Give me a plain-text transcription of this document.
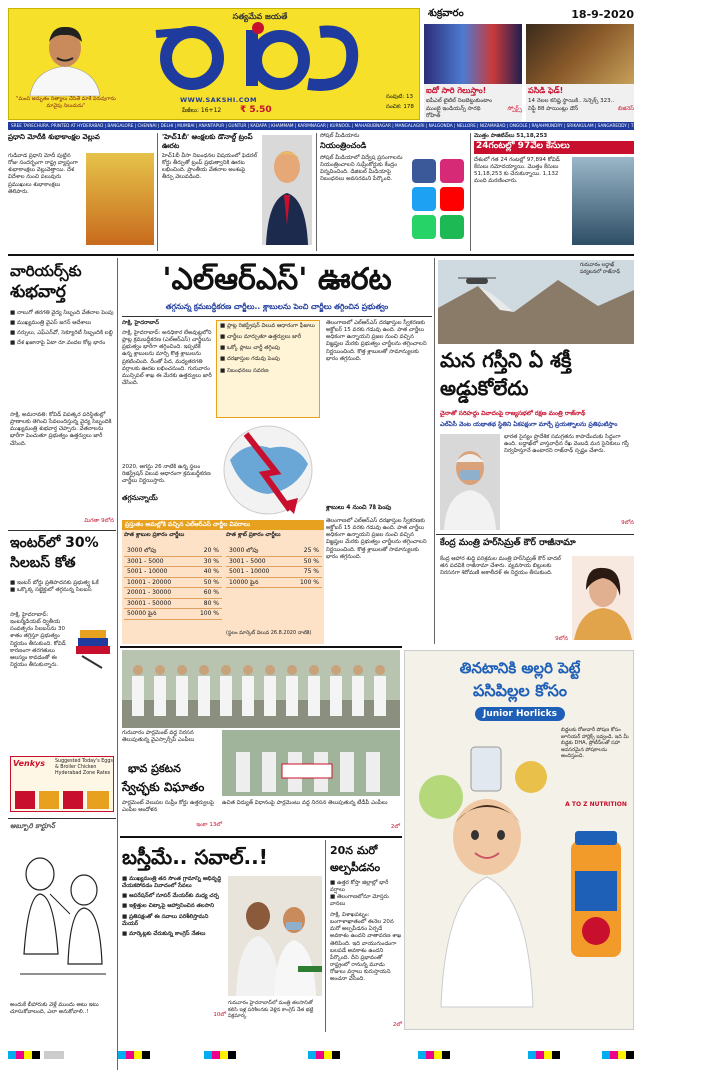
"మంచి అద్భుతం నిత్యాలు చేసితే మాకే విరువుగాను మావైపు నిలుచును"
సత్యమేవ జయతే
WWW.SAKSHI.COM
పేజీలు: 16+12	₹ 5.50
సంపుటి: 13
సంచిక: 178
శుక్రవారం	18-9-2020
ఐదో సారి గెలుస్తాం!
ఐపీఎల్ టైటిల్ నిలబెట్టుకుంటాం
ముంబై ఇండియన్స్ సారథి రోహిత్
స్పోర్ట్స్
పసిడి ఫెడ్!
14 నెలల కనిష్ట స్థాయికి.. సెన్సెక్స్ 323..
నిఫ్టీ 88 పాయింట్లు డౌన్	బిజినెస్
SREE TARECHURA. PRINTED AT HYDERABAD | BANGALORE | CHENNAI | DELHI | MUMBAI | ANANTAPUR | GUNTUR | KADAPA | KHAMMAM | KARIMNAGAR | KURNOOL | MAHABUBNAGAR | MANGALAGIRI | NALGONDA | NELLORE | NIZAMABAD | ONGOLE | RAJAHMUNDRY | SRIKAKULAM | SANGAREDDY | TIRUPATI | VIJAYAWADA | WARANGAL
ప్రధాని మోదీకి శుభాకాంక్షల వెల్లువ
గుడివాడ ప్రధాని మోదీ పుట్టిన రోజు సందర్భంగా రాష్ట్ర వ్యాప్తంగా శుభాకాంక్షలు వెల్లువెత్తాయి. దేశ విదేశాల నుంచి పలువురు ప్రముఖులు శుభాకాంక్షలు తెలిపారు.
'హెచ్1బీ' ఆంక్షలకు డొనాల్డ్ ట్రంప్ ఊరట
హెచ్1బీ వీసా నిబంధనల విషయంలో ఫెడరల్ కోర్టు తీర్పుతో ట్రంప్ ప్రభుత్వానికి ఊరట లభించింది. ప్రాంతీయ వేతనాల అంశంపై తీర్పు వెలువడింది.
సోషల్ మీడియాను
నియంత్రించండి
సోషల్ మీడియాలో విద్వేష ప్రసంగాలను నియంత్రించాలని సుప్రీంకోర్టుకు కేంద్రం విన్నవించింది. డిజిటల్ మీడియాపై నిబంధనలు అవసరమని పేర్కొంది.
మొత్తం పాజిటివ్‌లు 51,18,253
24గంటల్లో 97వేల కేసులు
దేశంలో గత 24 గంటల్లో 97,894 కోవిడ్ కేసులు నమోదయ్యాయి. మొత్తం కేసులు 51,18,253 కు చేరుకున్నాయి. 1,132 మంది మరణించారు.
వారియర్స్‌కు
శుభవార్త
■ నాలుగో తరగతి వైద్య సిబ్బంది వేతనాల పెంపు
■ ముఖ్యమంత్రి వైఎస్ జగన్ ఆదేశాలు
■ నర్సులు, ఎఫ్ఎన్‌వో, సెక్యూరిటీ సిబ్బందికి లబ్ది
■ దేశ ఖజానాపై ఏటా రూ.వందల కోట్ల భారం
సాక్షి, అమరావతి: కోవిడ్ విపత్కర పరిస్థితుల్లో ప్రాణాలకు తెగించి సేవలందిస్తున్న వైద్య సిబ్బందికి ముఖ్యమంత్రి శుభవార్త చెప్పారు. వేతనాలను భారీగా పెంచుతూ ప్రభుత్వం ఉత్తర్వులు జారీ చేసింది.
మిగతా 9లోన
ఇంటర్‌లో 30% సిలబస్ కోత
■ ఇంటర్ బోర్డు ప్రతిపాదనకు ప్రభుత్వ ఓకే
■ ఒక్కొక్క సబ్జెక్టులో తగ్గనున్న సిలబస్
సాక్షి, హైదరాబాద్: ఇంటర్మీడియట్ ద్వితీయ సంవత్సరం సిలబస్‌ను 30 శాతం తగ్గిస్తూ ప్రభుత్వం నిర్ణయం తీసుకుంది. కోవిడ్ కారణంగా తరగతులు ఆలస్యం కావడంతో ఈ నిర్ణయం తీసుకున్నారు.
Venkys	Suggested Today's Eggs & Broiler Chicken Hyderabad Zone Rates
అబ్బూరి కార్టూన్
అందుకే బీహారుకు వెళ్లే ముందు అటు ఇటు చూసుకోవాలంది, ఎలా అనుకోవాలి..!
'ఎల్‌ఆర్‌ఎస్' ఊరట
తగ్గనున్న క్రమబద్ధీకరణ చార్జీలు.. శ్లాబులను పెంచి చార్జీలు తగ్గించిన ప్రభుత్వం
సాక్షి, హైదరాబాద్
సాక్షి, హైదరాబాద్: అనధికార లేఅవుట్లలోని ప్లాట్ల క్రమబద్ధీకరణ (ఎల్‌ఆర్‌ఎస్) చార్జీలను ప్రభుత్వం భారీగా తగ్గించింది. ఇప్పటికే ఉన్న శ్లాబులను మార్చి కొత్త శ్లాబులను ప్రకటించింది. దీంతో పేద, మధ్యతరగతి వర్గాలకు ఊరట లభించనుంది. గురువారం మున్సిపల్ శాఖ ఈ మేరకు ఉత్తర్వులు జారీ చేసింది.
■ ప్లాట్ల రిజిస్ట్రేషన్ విలువ ఆధారంగా ఫీజులు
■ చార్జీలు మార్చుతూ ఉత్తర్వులు జారీ
■ ఒక్కో ప్లాటు చార్జీ తగ్గింపు
■ దరఖాస్తుల గడువు పెంపు
■ నిబంధనలు సవరణ
2020, ఆగస్టు 26 నాటికి ఉన్న స్థలం రిజిస్ట్రేషన్ విలువ ఆధారంగా క్రమబద్ధీకరణ చార్జీలు నిర్ణయిస్తారు.
తగ్గనున్నాయ్
ప్రస్తుతం అమల్లోకి వచ్చిన ఎల్‌ఆర్‌ఎస్ చార్జీల వివరాలు
పాత శ్లాబుల ప్రకారం చార్జీలు
3000 లోపు	20 %
3001 - 5000	30 %
5001 - 10000	40 %
10001 - 20000	50 %
20001 - 30000	60 %
30001 - 50000	80 %
50000 పైన	100 %
పాత శ్లాబ్ ప్రకారం చార్జీలు
3000 లోపు	25 %
3001 - 5000	50 %
5001 - 10000	75 %
10000 పైన	100 %
(స్థలం మార్కెట్ విలువ 26.8.2020 నాటికి)
తెలంగాణలో ఎల్‌ఆర్‌ఎస్ దరఖాస్తుల స్వీకరణకు అక్టోబర్ 15 వరకు గడువు ఉంది. పాత చార్జీలు అధికంగా ఉన్నాయని ప్రజల నుంచి వచ్చిన విజ్ఞప్తుల మేరకు ప్రభుత్వం చార్జీలను తగ్గించాలని నిర్ణయించింది. కొత్త శ్లాబులతో సామాన్యులకు భారం తగ్గనుంది.
శ్లాబులు 4 నుంచి 7కి పెంపు
తెలంగాణలో ఎల్‌ఆర్‌ఎస్ దరఖాస్తుల స్వీకరణకు అక్టోబర్ 15 వరకు గడువు ఉంది. పాత చార్జీలు అధికంగా ఉన్నాయని ప్రజల నుంచి వచ్చిన విజ్ఞప్తుల మేరకు ప్రభుత్వం చార్జీలను తగ్గించాలని నిర్ణయించింది. కొత్త శ్లాబులతో సామాన్యులకు భారం తగ్గనుంది.
గురువారం లద్దాఖ్ పర్యటనలో రాజ్‌నాథ్
మన గస్తీని ఏ శక్తీ అడ్డుకోలేదు
చైనాతో సరిహద్దు వివాదంపై రాజ్యసభలో రక్షణ మంత్రి రాజ్‌నాథ్
ఎల్ఏసీ వెంట యథాతథ స్థితిని ఏకపక్షంగా మార్చే ప్రయత్నాలను ప్రతిఘటిస్తాం
భారత సైన్యం ప్రాదేశిక సమగ్రతను కాపాడేందుకు సిద్ధంగా ఉంది. లద్దాఖ్‌లో వాస్తవాధీన రేఖ వెంబడి మన సైనికులు గస్తీ నిర్వహిస్తూనే ఉంటారని రాజ్‌నాథ్ స్పష్టం చేశారు.
9లోన
కేంద్ర మంత్రి హర్‌సిమ్రత్ కౌర్ రాజీనామా
కేంద్ర ఆహార శుద్ధి పరిశ్రమల మంత్రి హర్‌సిమ్రత్ కౌర్ బాదల్ తన పదవికి రాజీనామా చేశారు. వ్యవసాయ బిల్లులకు నిరసనగా శిరోమణి అకాలీదళ్ ఈ నిర్ణయం తీసుకుంది.
9లోన
గురువారం పార్లమెంట్ వద్ద నిరసన తెలుపుతున్న వైఎస్సార్సీపీ ఎంపీలు
భావ ప్రకటన
స్వేచ్ఛకు విఘాతం
పార్లమెంట్ వెలుపల సుప్రీం కోర్టు ఉత్తర్వులపై ఎంపీల ఆందోళన
ఇంకా 13లో
ఉచిత విద్యుత్ విధానంపై పార్లమెంటు వద్ద నిరసన తెలుపుతున్న టీడీపీ ఎంపీలు
2లో
తినటానికి అల్లరి పెట్టే
పసిపిల్లల కోసం
Junior Horlicks
A TO Z NUTRITION
బిడ్డలకు రోజువారీ పోషణ కోసం జూనియర్ హార్లిక్స్ ఇవ్వండి. ఇది మీ బిడ్డకు DHA, ప్రోటీన్‌లతో సహా అవసరమైన పోషకాలను అందిస్తుంది.
బస్తీమే.. సవాల్..!
■ ముఖ్యమంత్రి తన సొంత గ్రామాన్ని అభివృద్ధి చేయకపోవడం వివాదంలో సేవలు
■ ఆపరేషన్‌లో సూపర్ మేయర్‌కు మధ్య చర్చ
■ ఇళ్లిత్తుల చిట్కాపై ఆహ్వానించిన తలసాని
■ ప్రతిపక్షంతో ఈ సవాలు పరిశీలిస్తామని మేయర్
■ మార్కెట్లకు చేరుకున్న కాంగ్రెస్ నేతలు
10లో
గురువారం హైదరాబాద్‌లో మంత్రి తలసానితో కలిసి ఇళ్ల పరిశీలనకు వెళ్లిన కాంగ్రెస్ నేత భట్టి విక్రమార్క
20న మరో అల్పపీడనం
■ ఉత్తర కోస్తా జిల్లాల్లో భారీ వర్షాలు
■ తెలంగాణలోనూ మోస్తరు వానలు
సాక్షి, విశాఖపట్నం: బంగాళాఖాతంలో ఈనెల 20న మరో అల్పపీడనం ఏర్పడే అవకాశం ఉందని వాతావరణ శాఖ తెలిపింది. ఇది వాయుగుండంగా బలపడే అవకాశం ఉందని పేర్కొంది. దీని ప్రభావంతో రాష్ట్రంలో రానున్న మూడు రోజులు వర్షాలు కురుస్తాయని అంచనా వేసింది.
2లో
